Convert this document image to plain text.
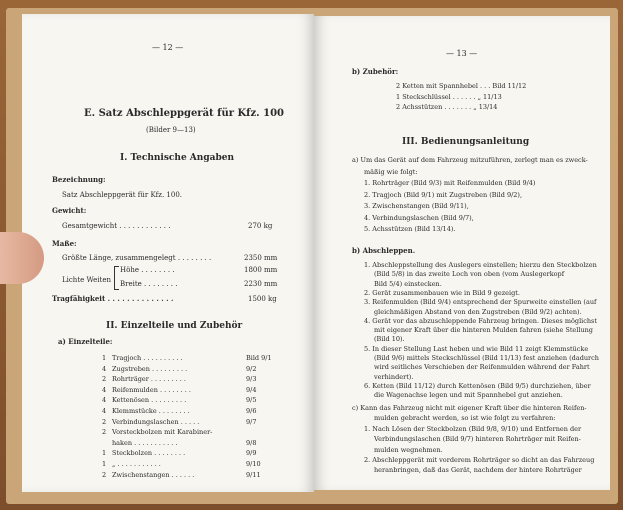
— 12 —
E. Satz Abschleppgerät für Kfz. 100
(Bilder 9—13)
I. Technische Angaben
Bezeichnung:
Satz Abschleppgerät für Kfz. 100.
Gewicht:
Gesamtgewicht . . . . . . . . . . . .	270 kg
Maße:
Größte Länge, zusammengelegt . . . . . . . .	2350 mm
Lichte Weiten
Höhe . . . . . . . .	1800 mm
Breite . . . . . . . .	2230 mm
Tragfähigkeit . . . . . . . . . . . . . .	1500 kg
II. Einzelteile und Zubehör
a) Einzelteile:
1 Tragjoch . . . . . . . . . .	Bild 9/1
4 Zugstreben . . . . . . . . .	9/2
2 Rohrträger . . . . . . . . .	9/3
4 Reifenmulden . . . . . . . .	9/4
4 Kettenösen . . . . . . . . .	9/5
4 Klemmstücke . . . . . . . .	9/6
2 Verbindungslaschen . . . . .	9/7
2 Vorsteckbolzen mit Karabiner-
haken . . . . . . . . . . .	9/8
1 Steckbolzen . . . . . . . .	9/9
1 „ . . . . . . . . . . .	9/10
2 Zwischenstangen . . . . . .	9/11
— 13 —
b) Zubehör:
2 Ketten mit Spannhebel . . . Bild 11/12
1 Steckschlüssel . . . . . . „ 11/13
2 Achsstützen . . . . . . . „ 13/14
III. Bedienungsanleitung
a) Um das Gerät auf dem Fahrzeug mitzuführen, zerlegt man es zweck-
mäßig wie folgt:
1. Rohrträger (Bild 9/3) mit Reifenmulden (Bild 9/4)
2. Tragjoch (Bild 9/1) mit Zugstreben (Bild 9/2),
3. Zwischenstangen (Bild 9/11),
4. Verbindungslaschen (Bild 9/7),
5. Achsstützen (Bild 13/14).
b) Abschleppen.
1. Abschleppstellung des Auslegers einstellen; hierzu den Steckbolzen
(Bild 5/8) in das zweite Loch von oben (vom Auslegerkopf
Bild 5/4) einstecken.
2. Gerät zusammenbauen wie in Bild 9 gezeigt.
3. Reifenmulden (Bild 9/4) entsprechend der Spurweite einstellen (auf
gleichmäßigen Abstand von den Zugstreben (Bild 9/2) achten).
4. Gerät vor das abzuschleppende Fahrzeug bringen. Dieses möglichst
mit eigener Kraft über die hinteren Mulden fahren (siehe Stellung
(Bild 10).
5. In dieser Stellung Last heben und wie Bild 11 zeigt Klemmstücke
(Bild 9/6) mittels Steckschlüssel (Bild 11/13) fest anziehen (dadurch
wird seitliches Verschieben der Reifenmulden während der Fahrt
verhindert).
6. Ketten (Bild 11/12) durch Kettenösen (Bild 9/5) durchziehen, über
die Wagenachse legen und mit Spannhebel gut anziehen.
c) Kann das Fahrzeug nicht mit eigener Kraft über die hinteren Reifen-
mulden gebracht werden, so ist wie folgt zu verfahren:
1. Nach Lösen der Steckbolzen (Bild 9/8, 9/10) und Entfernen der
Verbindungslaschen (Bild 9/7) hinteren Rohrträger mit Reifen-
mulden wegnehmen.
2. Abschleppgerät mit vorderem Rohrträger so dicht an das Fahrzeug
heranbringen, daß das Gerät, nachdem der hintere Rohrträger
